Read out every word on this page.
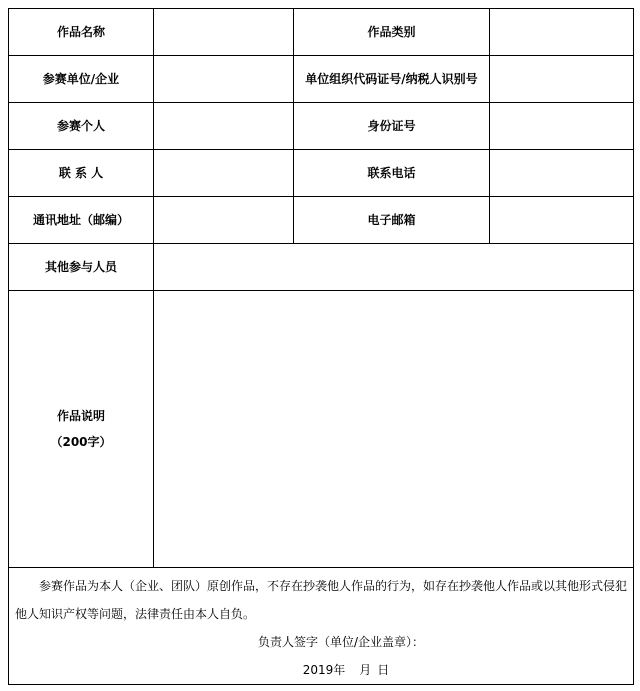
作品名称		作品类别	
参赛单位/企业		单位组织代码证号/纳税人识别号	
参赛个人		身份证号	
联 系 人		联系电话	
通讯地址（邮编）		电子邮箱	
其他参与人员	

作品说明
（200字）			

参赛作品为本人（企业、团队）原创作品，不存在抄袭他人作品的行为，如存在抄袭他人作品或以其他形式侵犯他人知识产权等问题，法律责任由本人自负。

负责人签字（单位/企业盖章）：

2019年 月 日			
